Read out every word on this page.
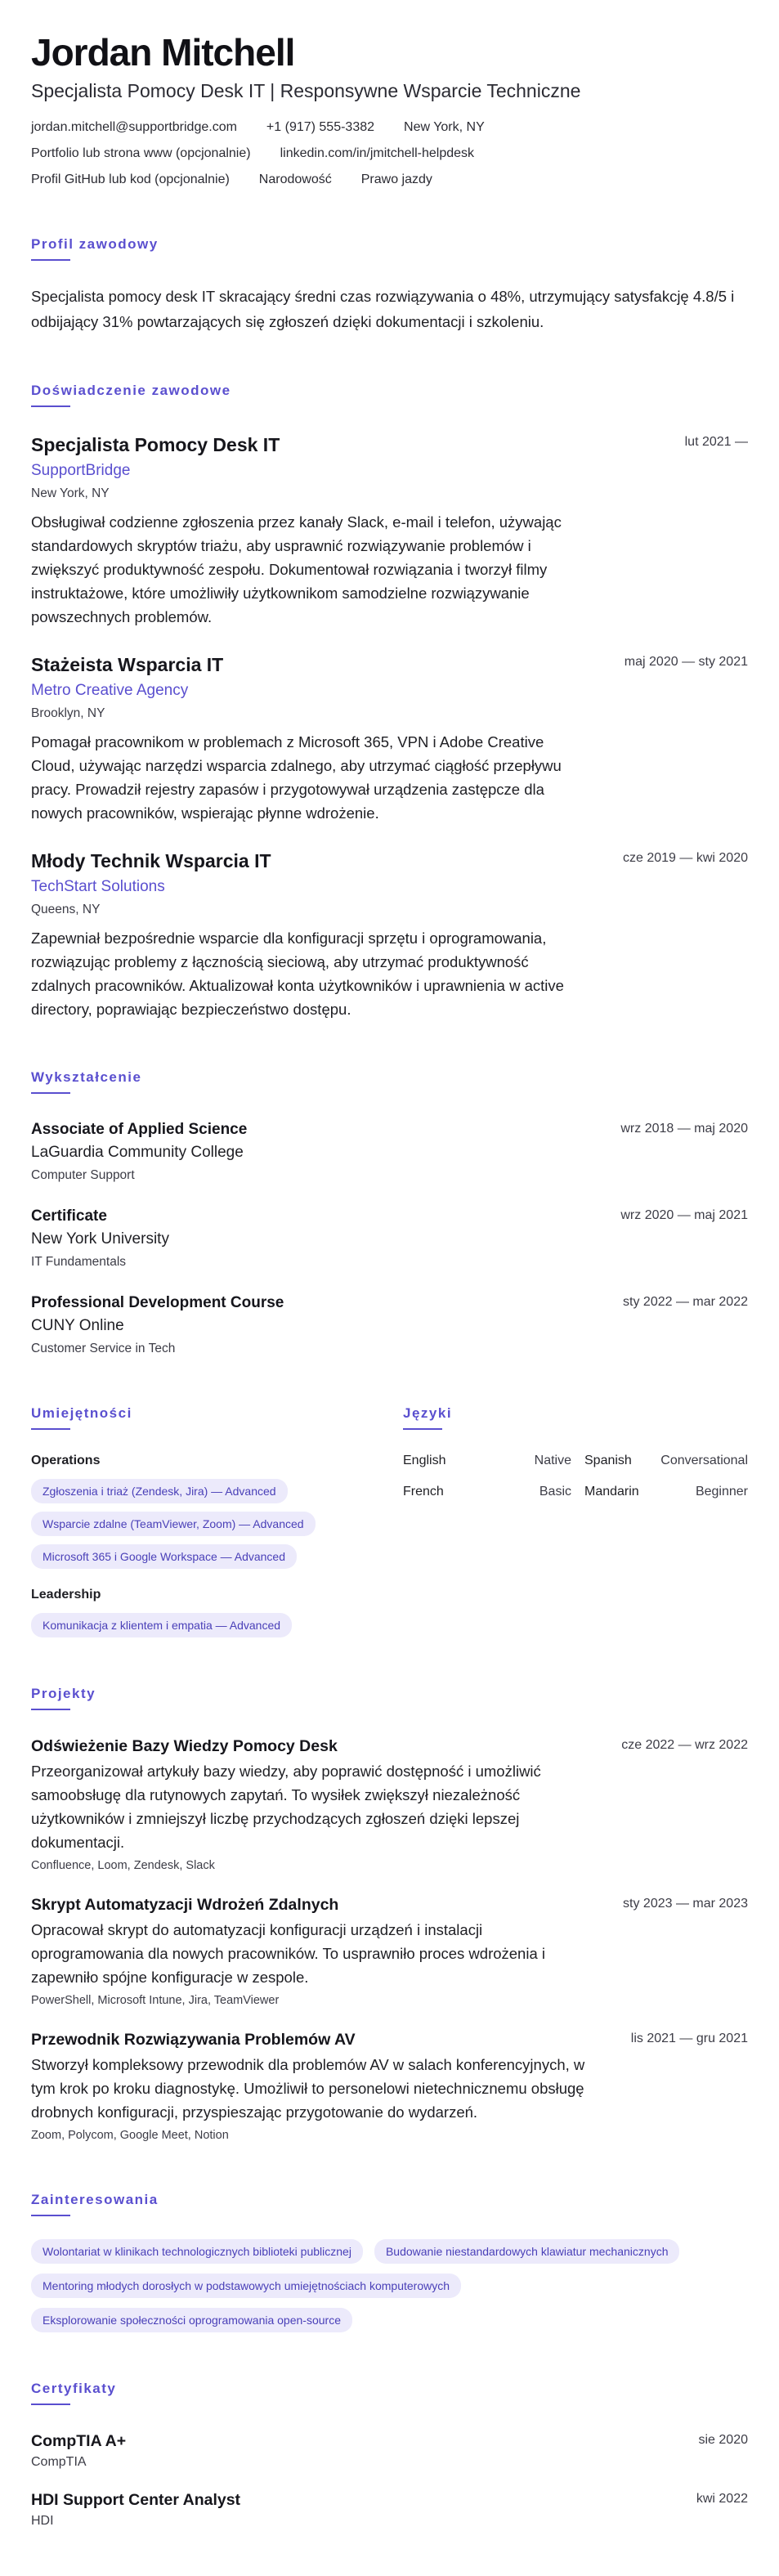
Jordan Mitchell
Specjalista Pomocy Desk IT | Responsywne Wsparcie Techniczne
jordan.mitchell@supportbridge.com +1 (917) 555-3382 New York, NY
Portfolio lub strona www (opcjonalnie) linkedin.com/in/jmitchell-helpdesk
Profil GitHub lub kod (opcjonalnie) Narodowość Prawo jazdy
Profil zawodowy

Specjalista pomocy desk IT skracający średni czas rozwiązywania o 48%, utrzymujący satysfakcję 4.8/5 i odbijający 31% powtarzających się zgłoszeń dzięki dokumentacji i szkoleniu.

Doświadczenie zawodowe
Specjalista Pomocy Desk IT	lut 2021 —
SupportBridge
New York, NY

Obsługiwał codzienne zgłoszenia przez kanały Slack, e-mail i telefon, używając standardowych skryptów triażu, aby usprawnić rozwiązywanie problemów i zwiększyć produktywność zespołu. Dokumentował rozwiązania i tworzył filmy instruktażowe, które umożliwiły użytkownikom samodzielne rozwiązywanie powszechnych problemów.

Stażeista Wsparcia IT	maj 2020 — sty 2021
Metro Creative Agency
Brooklyn, NY

Pomagał pracownikom w problemach z Microsoft 365, VPN i Adobe Creative Cloud, używając narzędzi wsparcia zdalnego, aby utrzymać ciągłość przepływu pracy. Prowadził rejestry zapasów i przygotowywał urządzenia zastępcze dla nowych pracowników, wspierając płynne wdrożenie.

Młody Technik Wsparcia IT	cze 2019 — kwi 2020
TechStart Solutions
Queens, NY

Zapewniał bezpośrednie wsparcie dla konfiguracji sprzętu i oprogramowania, rozwiązując problemy z łącznością sieciową, aby utrzymać produktywność zdalnych pracowników. Aktualizował konta użytkowników i uprawnienia w active directory, poprawiając bezpieczeństwo dostępu.

Wykształcenie
Associate of Applied Science	wrz 2018 — maj 2020
LaGuardia Community College
Computer Support
Certificate	wrz 2020 — maj 2021
New York University
IT Fundamentals
Professional Development Course	sty 2022 — mar 2022
CUNY Online
Customer Service in Tech
Umiejętności
Operations
Zgłoszenia i triaż (Zendesk, Jira) — Advanced
Wsparcie zdalne (TeamViewer, Zoom) — Advanced
Microsoft 365 i Google Workspace — Advanced
Leadership
Komunikacja z klientem i empatia — Advanced
Języki
English	Native	Spanish	Conversational
French	Basic	Mandarin	Beginner
Projekty
Odświeżenie Bazy Wiedzy Pomocy Desk	cze 2022 — wrz 2022

Przeorganizował artykuły bazy wiedzy, aby poprawić dostępność i umożliwić samoobsługę dla rutynowych zapytań. To wysiłek zwiększył niezależność użytkowników i zmniejszył liczbę przychodzących zgłoszeń dzięki lepszej dokumentacji.

Confluence, Loom, Zendesk, Slack
Skrypt Automatyzacji Wdrożeń Zdalnych	sty 2023 — mar 2023

Opracował skrypt do automatyzacji konfiguracji urządzeń i instalacji oprogramowania dla nowych pracowników. To usprawniło proces wdrożenia i zapewniło spójne konfiguracje w zespole.

PowerShell, Microsoft Intune, Jira, TeamViewer
Przewodnik Rozwiązywania Problemów AV	lis 2021 — gru 2021

Stworzył kompleksowy przewodnik dla problemów AV w salach konferencyjnych, w tym krok po kroku diagnostykę. Umożliwił to personelowi nietechnicznemu obsługę drobnych konfiguracji, przyspieszając przygotowanie do wydarzeń.

Zoom, Polycom, Google Meet, Notion
Zainteresowania
Wolontariat w klinikach technologicznych biblioteki publicznej	Budowanie niestandardowych klawiatur mechanicznych
Mentoring młodych dorosłych w podstawowych umiejętnościach komputerowych
Eksplorowanie społeczności oprogramowania open-source
Certyfikaty
CompTIA A+	sie 2020
CompTIA
HDI Support Center Analyst	kwi 2022
HDI
